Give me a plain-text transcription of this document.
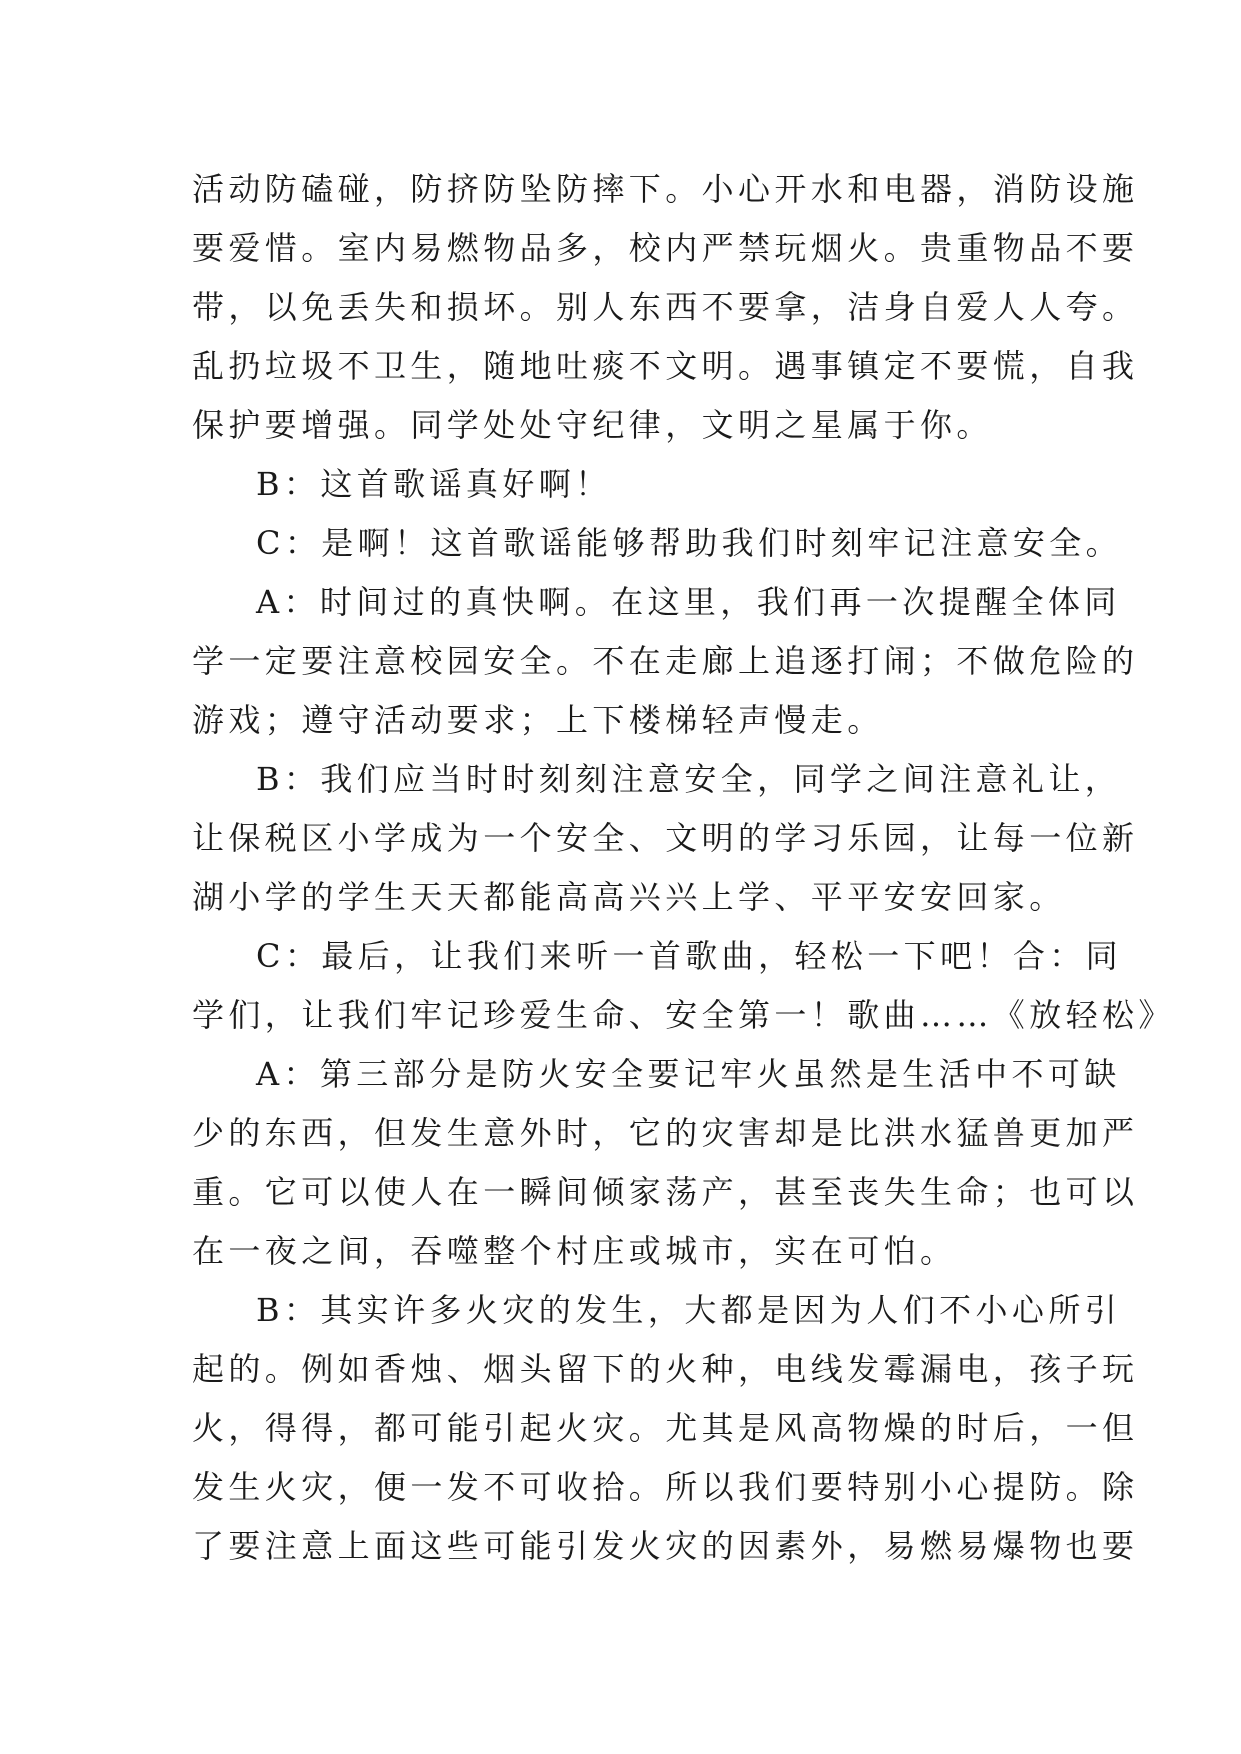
活动防磕碰，防挤防坠防摔下。小心开水和电器，消防设施
要爱惜。室内易燃物品多，校内严禁玩烟火。贵重物品不要
带，以免丢失和损坏。别人东西不要拿，洁身自爱人人夸。
乱扔垃圾不卫生，随地吐痰不文明。遇事镇定不要慌，自我
保护要增强。同学处处守纪律，文明之星属于你。
B：这首歌谣真好啊！
C：是啊！这首歌谣能够帮助我们时刻牢记注意安全。
A：时间过的真快啊。在这里，我们再一次提醒全体同
学一定要注意校园安全。不在走廊上追逐打闹；不做危险的
游戏；遵守活动要求；上下楼梯轻声慢走。
B：我们应当时时刻刻注意安全，同学之间注意礼让，
让保税区小学成为一个安全、文明的学习乐园，让每一位新
湖小学的学生天天都能高高兴兴上学、平平安安回家。
C：最后，让我们来听一首歌曲，轻松一下吧！合：同
学们，让我们牢记珍爱生命、安全第一！歌曲……《放轻松》
A：第三部分是防火安全要记牢火虽然是生活中不可缺
少的东西，但发生意外时，它的灾害却是比洪水猛兽更加严
重。它可以使人在一瞬间倾家荡产，甚至丧失生命；也可以
在一夜之间，吞噬整个村庄或城市，实在可怕。
B：其实许多火灾的发生，大都是因为人们不小心所引
起的。例如香烛、烟头留下的火种，电线发霉漏电，孩子玩
火，得得，都可能引起火灾。尤其是风高物燥的时后，一但
发生火灾，便一发不可收拾。所以我们要特别小心提防。除
了要注意上面这些可能引发火灾的因素外，易燃易爆物也要
